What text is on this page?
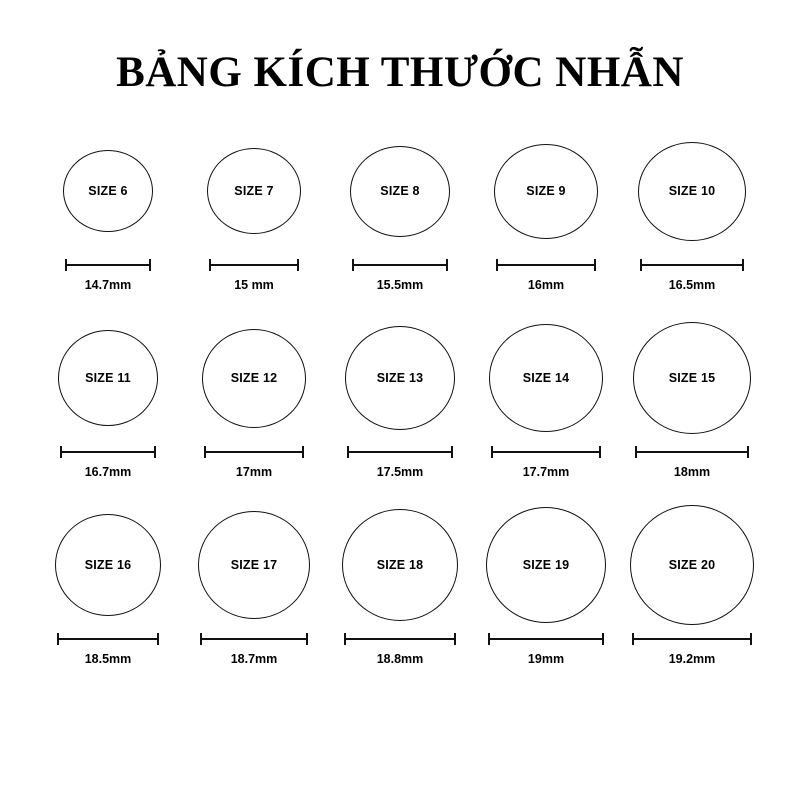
BẢNG KÍCH THƯỚC NHẪN
SIZE 6
14.7mm
SIZE 7
15 mm
SIZE 8
15.5mm
SIZE 9
16mm
SIZE 10
16.5mm
SIZE 11
16.7mm
SIZE 12
17mm
SIZE 13
17.5mm
SIZE 14
17.7mm
SIZE 15
18mm
SIZE 16
18.5mm
SIZE 17
18.7mm
SIZE 18
18.8mm
SIZE 19
19mm
SIZE 20
19.2mm
